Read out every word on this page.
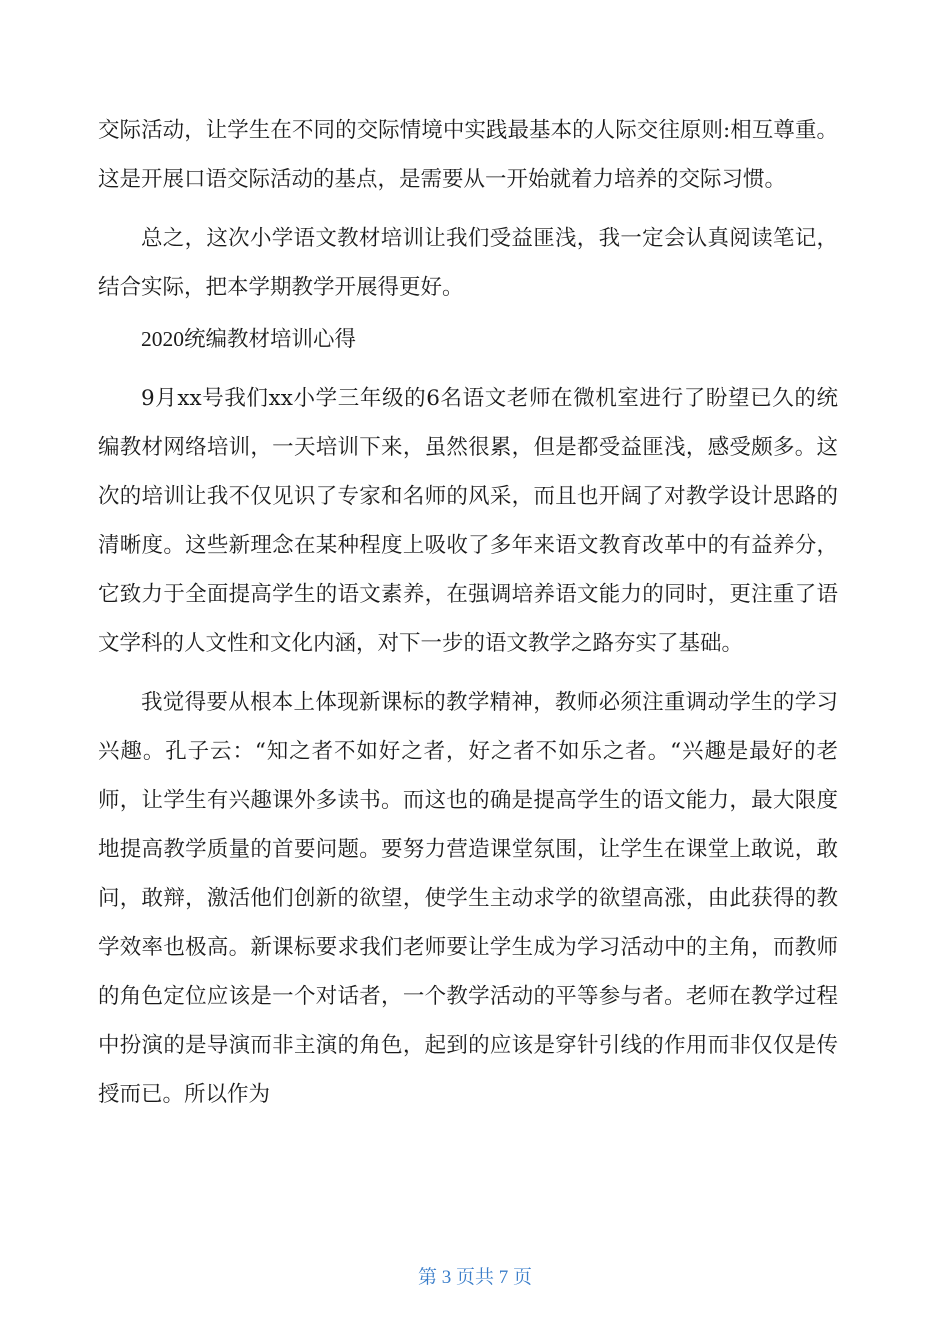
交际活动，让学生在不同的交际情境中实践最基本的人际交往原则:相互尊重。这是开展口语交际活动的基点，是需要从一开始就着力培养的交际习惯。

总之，这次小学语文教材培训让我们受益匪浅，我一定会认真阅读笔记，结合实际，把本学期教学开展得更好。

2020统编教材培训心得

9月xx号我们xx小学三年级的6名语文老师在微机室进行了盼望已久的统编教材网络培训，一天培训下来，虽然很累，但是都受益匪浅，感受颇多。这次的培训让我不仅见识了专家和名师的风采，而且也开阔了对教学设计思路的清晰度。这些新理念在某种程度上吸收了多年来语文教育改革中的有益养分，它致力于全面提高学生的语文素养，在强调培养语文能力的同时，更注重了语文学科的人文性和文化内涵，对下一步的语文教学之路夯实了基础。

我觉得要从根本上体现新课标的教学精神，教师必须注重调动学生的学习兴趣。孔子云：“知之者不如好之者，好之者不如乐之者。“兴趣是最好的老师，让学生有兴趣课外多读书。而这也的确是提高学生的语文能力，最大限度地提高教学质量的首要问题。要努力营造课堂氛围，让学生在课堂上敢说，敢问，敢辩，激活他们创新的欲望，使学生主动求学的欲望高涨，由此获得的教学效率也极高。新课标要求我们老师要让学生成为学习活动中的主角，而教师的角色定位应该是一个对话者，一个教学活动的平等参与者。老师在教学过程中扮演的是导演而非主演的角色，起到的应该是穿针引线的作用而非仅仅是传授而已。所以作为

第 3 页共 7 页
